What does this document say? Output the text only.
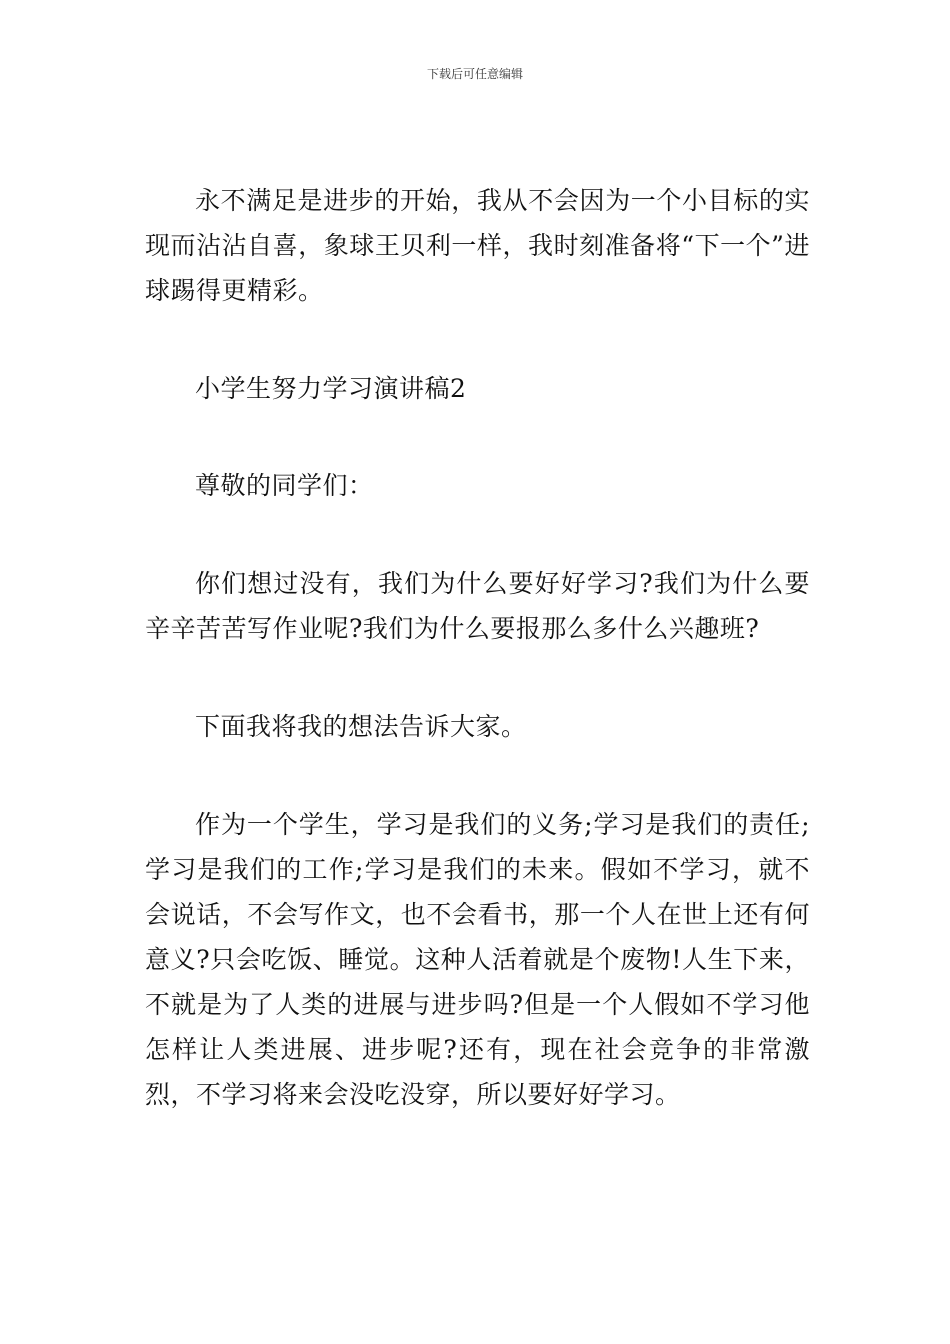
下载后可任意编辑

永不满足是进步的开始，我从不会因为一个小目标的实现而沾沾自喜，象球王贝利一样，我时刻准备将“下一个”进球踢得更精彩。

小学生努力学习演讲稿2

尊敬的同学们：

你们想过没有，我们为什么要好好学习?我们为什么要辛辛苦苦写作业呢?我们为什么要报那么多什么兴趣班?

下面我将我的想法告诉大家。

作为一个学生，学习是我们的义务;学习是我们的责任;学习是我们的工作;学习是我们的未来。假如不学习，就不会说话，不会写作文，也不会看书，那一个人在世上还有何意义?只会吃饭、睡觉。这种人活着就是个废物!人生下来，不就是为了人类的进展与进步吗?但是一个人假如不学习他怎样让人类进展、进步呢?还有，现在社会竞争的非常激烈，不学习将来会没吃没穿，所以要好好学习。
